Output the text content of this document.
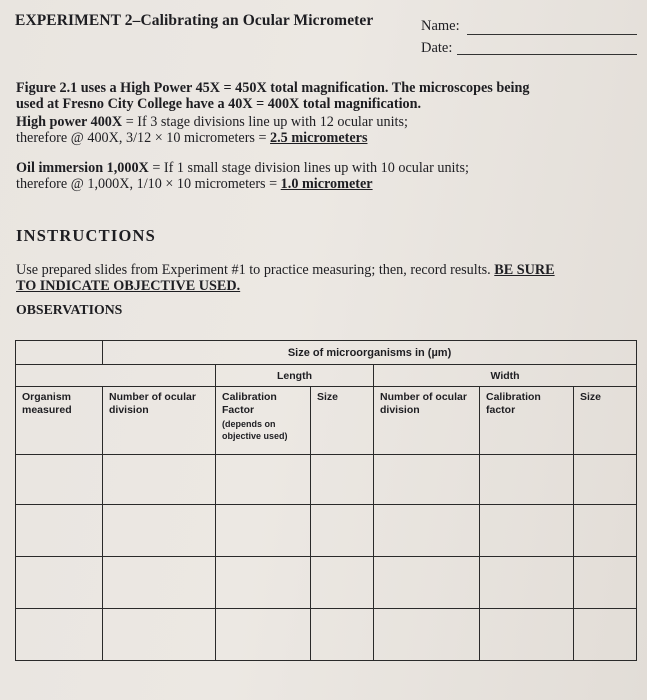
EXPERIMENT 2–Calibrating an Ocular Micrometer	Name:
Date:
Figure 2.1 uses a High Power 45X = 450X total magnification. The microscopes being
used at Fresno City College have a 40X = 400X total magnification.
High power 400X = If 3 stage divisions line up with 12 ocular units;
therefore @ 400X, 3/12 × 10 micrometers = 2.5 micrometers
Oil immersion 1,000X = If 1 small stage division lines up with 10 ocular units;
therefore @ 1,000X, 1/10 × 10 micrometers = 1.0 micrometer
INSTRUCTIONS
Use prepared slides from Experiment #1 to practice measuring; then, record results. BE SURE
TO INDICATE OBJECTIVE USED.
OBSERVATIONS
	Size of microorganisms in (µm)					
		Length		Width		
Organism measured	Number of ocular division	Calibration Factor
(depends on objective used)	Size	Number of ocular division	Calibration factor	Size
